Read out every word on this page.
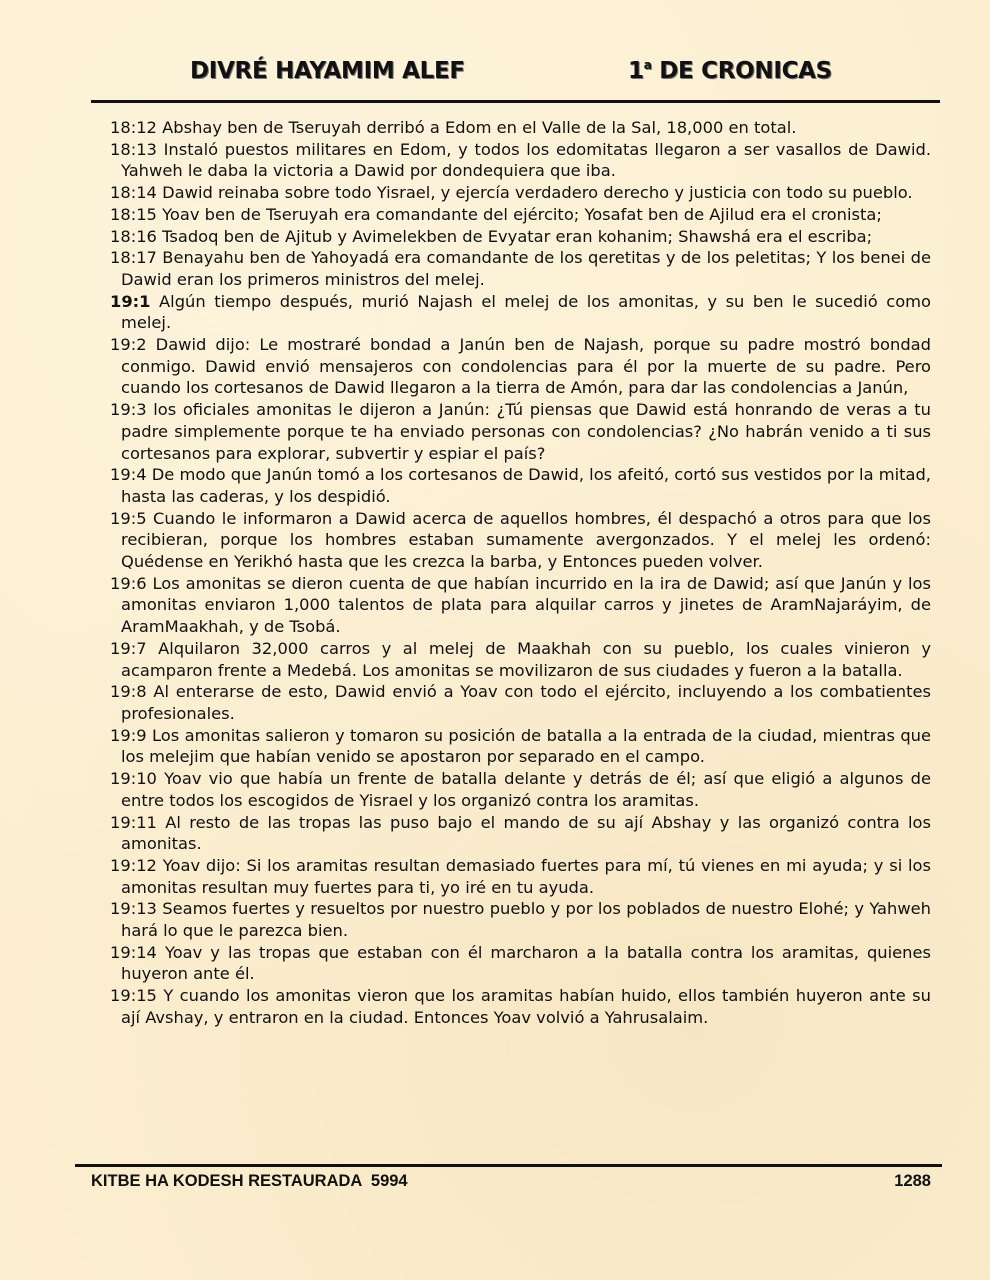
DIVRÉ HAYAMIM ALEF	1$^a$ DE CRONICAS

18:12 Abshay ben de Tseruyah derribó a Edom en el Valle de la Sal, 18,000 en total.

18:13 Instaló puestos militares en Edom, y todos los edomitatas llegaron a ser vasallos de Dawid. Yahweh le daba la victoria a Dawid por dondequiera que iba.

18:14 Dawid reinaba sobre todo Yisrael, y ejercía verdadero derecho y justicia con todo su pueblo.

18:15 Yoav ben de Tseruyah era comandante del ejército; Yosafat ben de Ajilud era el cronista;

18:16 Tsadoq ben de Ajitub y Avimelekben de Evyatar eran kohanim; Shawshá era el escriba;

18:17 Benayahu ben de Yahoyadá era comandante de los qeretitas y de los peletitas; Y los benei de Dawid eran los primeros ministros del melej.

19:1 Algún tiempo después, murió Najash el melej de los amonitas, y su ben le sucedió como melej.

19:2 Dawid dijo: Le mostraré bondad a Janún ben de Najash, porque su padre mostró bondad conmigo. Dawid envió mensajeros con condolencias para él por la muerte de su padre. Pero cuando los cortesanos de Dawid llegaron a la tierra de Amón, para dar las condolencias a Janún,

19:3 los oficiales amonitas le dijeron a Janún: ¿Tú piensas que Dawid está honrando de veras a tu padre simplemente porque te ha enviado personas con condolencias? ¿No habrán venido a ti sus cortesanos para explorar, subvertir y espiar el país?

19:4 De modo que Janún tomó a los cortesanos de Dawid, los afeitó, cortó sus vestidos por la mitad, hasta las caderas, y los despidió.

19:5 Cuando le informaron a Dawid acerca de aquellos hombres, él despachó a otros para que los recibieran, porque los hombres estaban sumamente avergonzados. Y el melej les ordenó: Quédense en Yerikhó hasta que les crezca la barba, y Entonces pueden volver.

19:6 Los amonitas se dieron cuenta de que habían incurrido en la ira de Dawid; así que Janún y los amonitas enviaron 1,000 talentos de plata para alquilar carros y jinetes de AramNajaráyim, de AramMaakhah, y de Tsobá.

19:7 Alquilaron 32,000 carros y al melej de Maakhah con su pueblo, los cuales vinieron y acamparon frente a Medebá. Los amonitas se movilizaron de sus ciudades y fueron a la batalla.

19:8 Al enterarse de esto, Dawid envió a Yoav con todo el ejército, incluyendo a los combatientes profesionales.

19:9 Los amonitas salieron y tomaron su posición de batalla a la entrada de la ciudad, mientras que los melejim que habían venido se apostaron por separado en el campo.

19:10 Yoav vio que había un frente de batalla delante y detrás de él; así que eligió a algunos de entre todos los escogidos de Yisrael y los organizó contra los aramitas.

19:11 Al resto de las tropas las puso bajo el mando de su ají Abshay y las organizó contra los amonitas.

19:12 Yoav dijo: Si los aramitas resultan demasiado fuertes para mí, tú vienes en mi ayuda; y si los amonitas resultan muy fuertes para ti, yo iré en tu ayuda.

19:13 Seamos fuertes y resueltos por nuestro pueblo y por los poblados de nuestro Elohé; y Yahweh hará lo que le parezca bien.

19:14 Yoav y las tropas que estaban con él marcharon a la batalla contra los aramitas, quienes huyeron ante él.

19:15 Y cuando los amonitas vieron que los aramitas habían huido, ellos también huyeron ante su ají Avshay, y entraron en la ciudad. Entonces Yoav volvió a Yahrusalaim.

KITBE HA KODESH RESTAURADA  5994	1288
